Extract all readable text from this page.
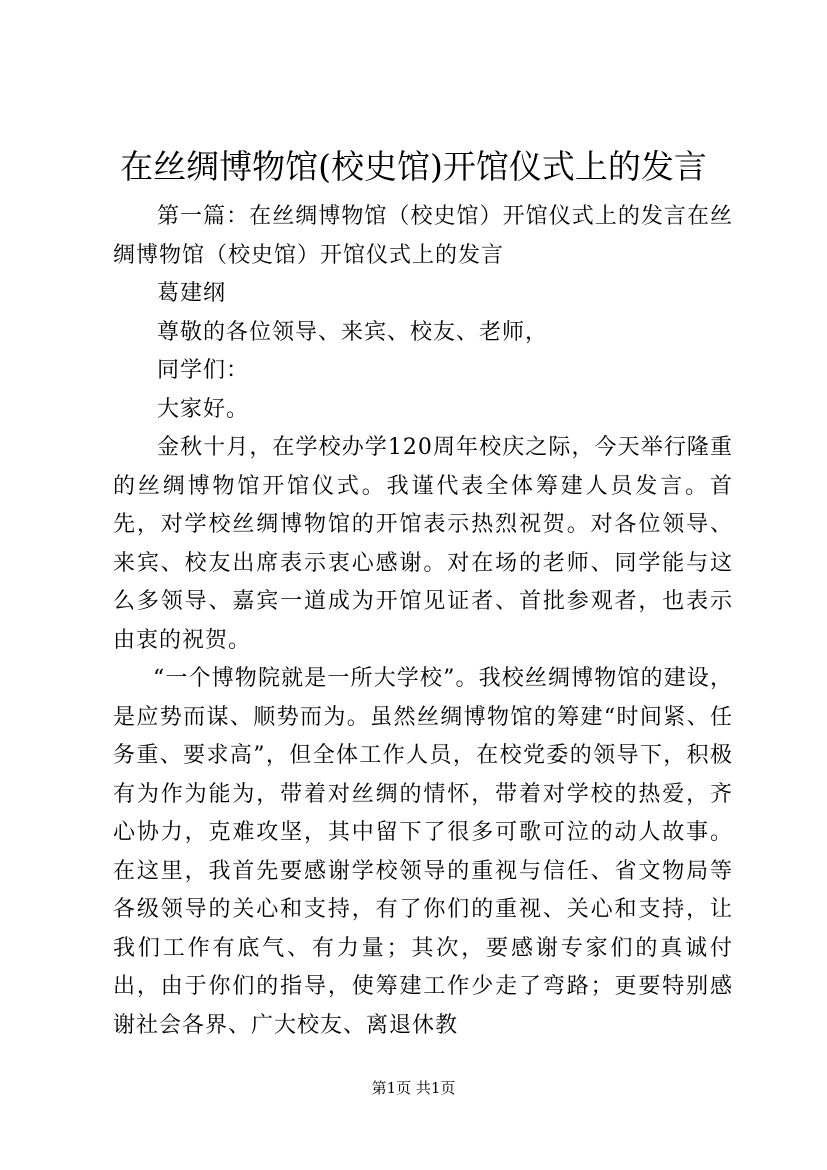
在丝绸博物馆(校史馆)开馆仪式上的发言

第一篇：在丝绸博物馆（校史馆）开馆仪式上的发言在丝绸博物馆（校史馆）开馆仪式上的发言

葛建纲

尊敬的各位领导、来宾、校友、老师，

同学们：

大家好。

金秋十月，在学校办学120周年校庆之际，今天举行隆重的丝绸博物馆开馆仪式。我谨代表全体筹建人员发言。首先，对学校丝绸博物馆的开馆表示热烈祝贺。对各位领导、来宾、校友出席表示衷心感谢。对在场的老师、同学能与这么多领导、嘉宾一道成为开馆见证者、首批参观者，也表示由衷的祝贺。

“一个博物院就是一所大学校”。我校丝绸博物馆的建设，是应势而谋、顺势而为。虽然丝绸博物馆的筹建“时间紧、任务重、要求高”，但全体工作人员，在校党委的领导下，积极有为作为能为，带着对丝绸的情怀，带着对学校的热爱，齐心协力，克难攻坚，其中留下了很多可歌可泣的动人故事。在这里，我首先要感谢学校领导的重视与信任、省文物局等各级领导的关心和支持，有了你们的重视、关心和支持，让我们工作有底气、有力量；其次，要感谢专家们的真诚付出，由于你们的指导，使筹建工作少走了弯路；更要特别感谢社会各界、广大校友、离退休教

第1页 共1页
